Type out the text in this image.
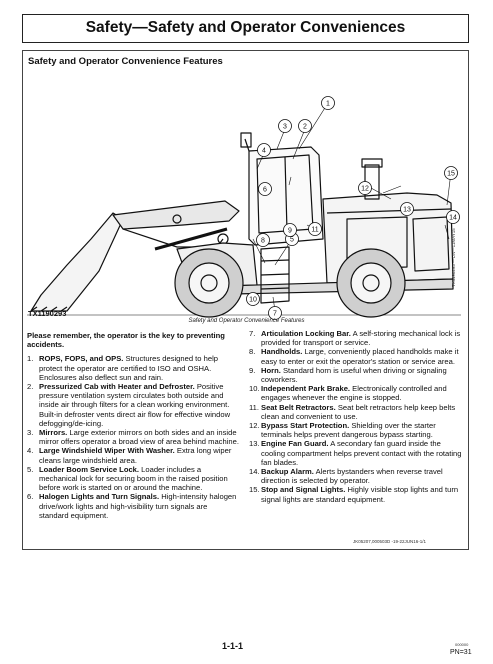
Safety—Safety and Operator Conveniences
Safety and Operator Convenience Features
1
2
3
4
5
6
7
8
9
10
11
12
13
14
15
TX1190293
TX1190293 —UN—11MAY15
Safety and Operator Convenience Features

Please remember, the operator is the key to preventing accidents.

1. ROPS, FOPS, and OPS. Structures designed to help protect the operator are certified to ISO and OSHA. Enclosures also deflect sun and rain.
2. Pressurized Cab with Heater and Defroster. Positive pressure ventilation system circulates both outside and inside air through filters for a clean working environment. Built-in defroster vents direct air flow for effective window defogging/de-icing.
3. Mirrors. Large exterior mirrors on both sides and an inside mirror offers operator a broad view of area behind machine.
4. Large Windshield Wiper With Washer. Extra long wiper cleans large windshield area.
5. Loader Boom Service Lock. Loader includes a mechanical lock for securing boom in the raised position before work is started on or around the machine.
6. Halogen Lights and Turn Signals. High-intensity halogen drive/work lights and high-visibility turn signals are standard equipment.
7. Articulation Locking Bar. A self-storing mechanical lock is provided for transport or service.
8. Handholds. Large, conveniently placed handholds make it easy to enter or exit the operator's station or service area.
9. Horn. Standard horn is useful when driving or signaling coworkers.
10. Independent Park Brake. Electronically controlled and engages whenever the engine is stopped.
11. Seat Belt Retractors. Seat belt retractors help keep belts clean and convenient to use.
12. Bypass Start Protection. Shielding over the starter terminals helps prevent dangerous bypass starting.
13. Engine Fan Guard. A secondary fan guard inside the cooling compartment helps prevent contact with the rotating fan blades.
14. Backup Alarm. Alerts bystanders when reverse travel direction is selected by operator.
15. Stop and Signal Lights. Highly visible stop lights and turn signal lights are standard equipment.
JK05207,000503D -19-22JUN16-1/1
1-1-1	000000
PN=31
